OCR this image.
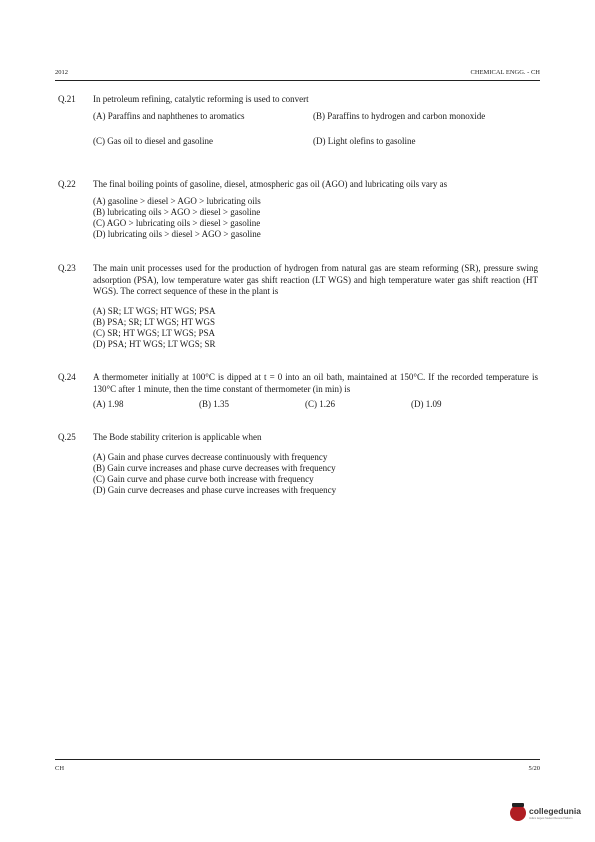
2012	CHEMICAL ENGG. - CH
Q.21 In petroleum refining, catalytic reforming is used to convert
(A) Paraffins and naphthenes to aromatics	(B) Paraffins to hydrogen and carbon monoxide
(C) Gas oil to diesel and gasoline	(D) Light olefins to gasoline
Q.22 The final boiling points of gasoline, diesel, atmospheric gas oil (AGO) and lubricating oils vary as
(A) gasoline > diesel > AGO > lubricating oils
(B) lubricating oils > AGO > diesel > gasoline
(C) AGO > lubricating oils > diesel > gasoline
(D) lubricating oils > diesel > AGO > gasoline
Q.23 The main unit processes used for the production of hydrogen from natural gas are steam reforming (SR), pressure swing adsorption (PSA), low temperature water gas shift reaction (LT WGS) and high temperature water gas shift reaction (HT WGS). The correct sequence of these in the plant is
(A) SR; LT WGS; HT WGS; PSA
(B) PSA; SR; LT WGS; HT WGS
(C) SR; HT WGS; LT WGS; PSA
(D) PSA; HT WGS; LT WGS; SR
Q.24 A thermometer initially at 100°C is dipped at t = 0 into an oil bath, maintained at 150°C. If the recorded temperature is 130°C after 1 minute, then the time constant of thermometer (in min) is
(A) 1.98	(B) 1.35	(C) 1.26	(D) 1.09
Q.25 The Bode stability criterion is applicable when
(A) Gain and phase curves decrease continuously with frequency
(B) Gain curve increases and phase curve decreases with frequency
(C) Gain curve and phase curve both increase with frequency
(D) Gain curve decreases and phase curve increases with frequency
CH	5/20
collegedunia
India's largest Student Review Platform
